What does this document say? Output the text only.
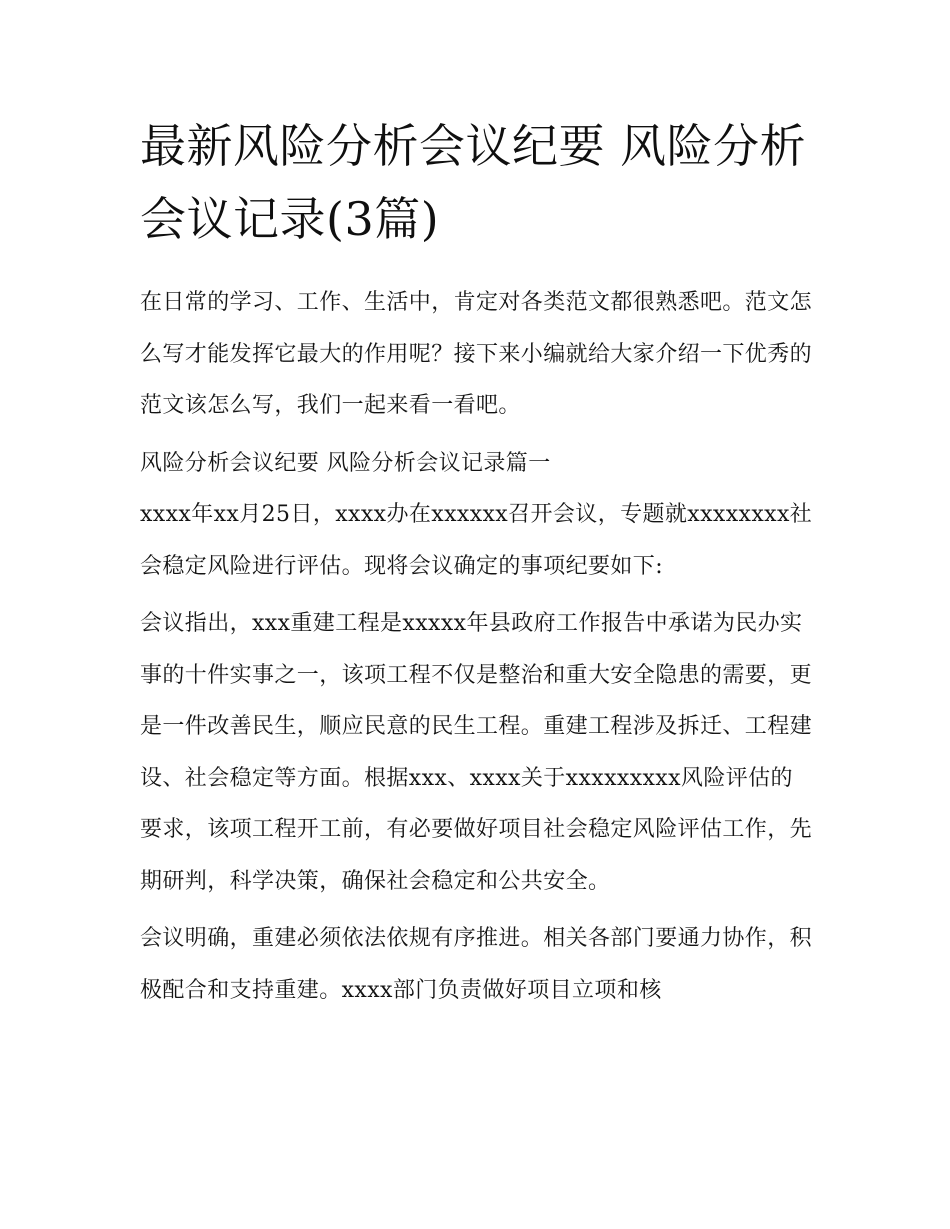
最新风险分析会议纪要 风险分析会议记录(3篇)

在日常的学习、工作、生活中，肯定对各类范文都很熟悉吧。范文怎么写才能发挥它最大的作用呢？接下来小编就给大家介绍一下优秀的范文该怎么写，我们一起来看一看吧。

风险分析会议纪要 风险分析会议记录篇一

xxxx年xx月25日，xxxx办在xxxxxx召开会议，专题就xxxxxxxx社会稳定风险进行评估。现将会议确定的事项纪要如下:

会议指出，xxx重建工程是xxxxx年县政府工作报告中承诺为民办实事的十件实事之一，该项工程不仅是整治和重大安全隐患的需要，更是一件改善民生，顺应民意的民生工程。重建工程涉及拆迁、工程建设、社会稳定等方面。根据xxx、xxxx关于xxxxxxxxx风险评估的要求，该项工程开工前，有必要做好项目社会稳定风险评估工作，先期研判，科学决策，确保社会稳定和公共安全。

会议明确，重建必须依法依规有序推进。相关各部门要通力协作，积极配合和支持重建。xxxx部门负责做好项目立项和核
